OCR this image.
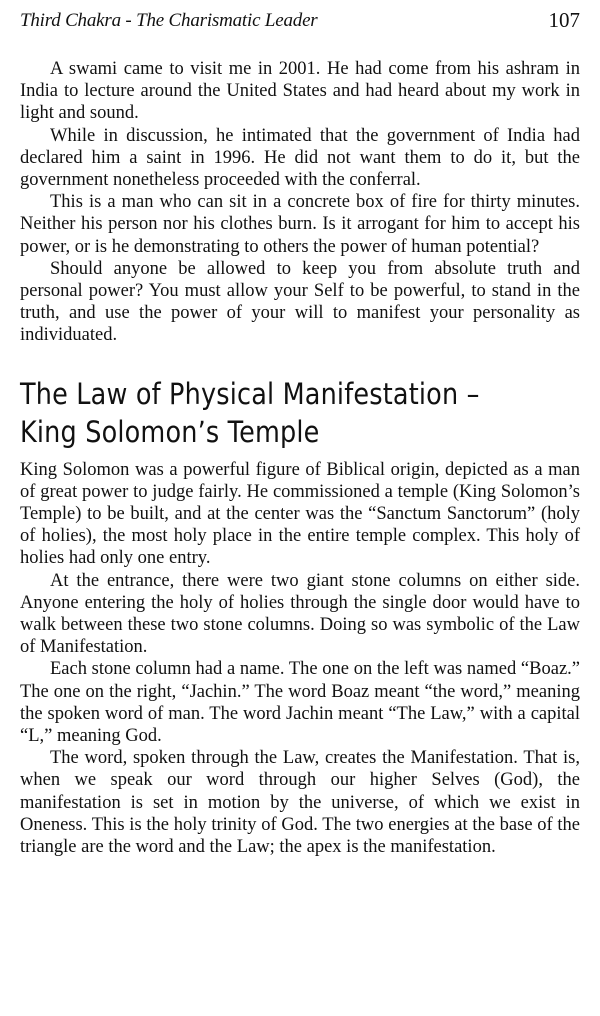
Third Chakra - The Charismatic Leader	107

A swami came to visit me in 2001. He had come from his ashram in India to lecture around the United States and had heard about my work in light and sound.

While in discussion, he intimated that the government of India had declared him a saint in 1996. He did not want them to do it, but the government nonetheless proceeded with the conferral.

This is a man who can sit in a concrete box of fire for thirty minutes. Neither his person nor his clothes burn. Is it arrogant for him to accept his power, or is he demonstrating to others the power of human potential?

Should anyone be allowed to keep you from absolute truth and personal power? You must allow your Self to be powerful, to stand in the truth, and use the power of your will to manifest your personality as individuated.

The Law of Physical Manifestation –
King Solomon’s Temple

King Solomon was a powerful figure of Biblical origin, depicted as a man of great power to judge fairly. He commissioned a temple (King Solomon’s Temple) to be built, and at the center was the “Sanctum Sanctorum” (holy of holies), the most holy place in the entire temple complex. This holy of holies had only one entry.

At the entrance, there were two giant stone columns on either side. Anyone entering the holy of holies through the single door would have to walk between these two stone columns. Doing so was symbolic of the Law of Manifestation.

Each stone column had a name. The one on the left was named “Boaz.” The one on the right, “Jachin.” The word Boaz meant “the word,” meaning the spoken word of man. The word Jachin meant “The Law,” with a capital “L,” meaning God.

The word, spoken through the Law, creates the Manifestation. That is, when we speak our word through our higher Selves (God), the manifestation is set in motion by the universe, of which we exist in Oneness. This is the holy trinity of God. The two energies at the base of the triangle are the word and the Law; the apex is the manifestation.
